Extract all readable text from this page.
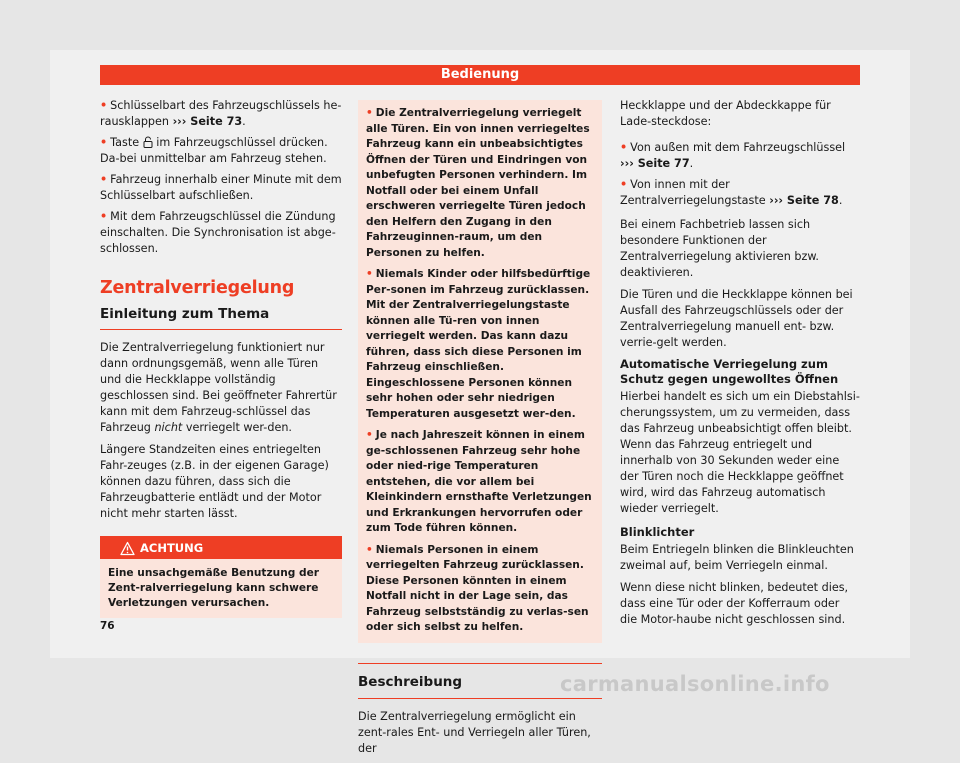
Bedienung
• Schlüsselbart des Fahrzeugschlüssels he-rausklappen ››› Seite 73.
• Taste im Fahrzeugschlüssel drücken. Da-bei unmittelbar am Fahrzeug stehen.
• Fahrzeug innerhalb einer Minute mit dem Schlüsselbart aufschließen.
• Mit dem Fahrzeugschlüssel die Zündung einschalten. Die Synchronisation ist abge-schlossen.
Zentralverriegelung
Einleitung zum Thema

Die Zentralverriegelung funktioniert nur dann ordnungsgemäß, wenn alle Türen und die Heckklappe vollständig geschlossen sind. Bei geöffneter Fahrertür kann mit dem Fahrzeug-schlüssel das Fahrzeug nicht verriegelt wer-den.

Längere Standzeiten eines entriegelten Fahr-zeuges (z.B. in der eigenen Garage) können dazu führen, dass sich die Fahrzeugbatterie entlädt und der Motor nicht mehr starten lässt.

ACHTUNG
Eine unsachgemäße Benutzung der Zent-ralverriegelung kann schwere Verletzungen verursachen.
• Die Zentralverriegelung verriegelt alle Türen. Ein von innen verriegeltes Fahrzeug kann ein unbeabsichtigtes Öffnen der Türen und Eindringen von unbefugten Personen verhindern. Im Notfall oder bei einem Unfall erschweren verriegelte Türen jedoch den Helfern den Zugang in den Fahrzeuginnen-raum, um den Personen zu helfen.
• Niemals Kinder oder hilfsbedürftige Per-sonen im Fahrzeug zurücklassen. Mit der Zentralverriegelungstaste können alle Tü-ren von innen verriegelt werden. Das kann dazu führen, dass sich diese Personen im Fahrzeug einschließen. Eingeschlossene Personen können sehr hohen oder sehr niedrigen Temperaturen ausgesetzt wer-den.
• Je nach Jahreszeit können in einem ge-schlossenen Fahrzeug sehr hohe oder nied-rige Temperaturen entstehen, die vor allem bei Kleinkindern ernsthafte Verletzungen und Erkrankungen hervorrufen oder zum Tode führen können.
• Niemals Personen in einem verriegelten Fahrzeug zurücklassen. Diese Personen könnten in einem Notfall nicht in der Lage sein, das Fahrzeug selbstständig zu verlas-sen oder sich selbst zu helfen.
Beschreibung

Die Zentralverriegelung ermöglicht ein zent-rales Ent- und Verriegeln aller Türen, der

Heckklappe und der Abdeckkappe für Lade-steckdose:

• Von außen mit dem Fahrzeugschlüssel ››› Seite 77.
• Von innen mit der Zentralverriegelungstaste ››› Seite 78.

Bei einem Fachbetrieb lassen sich besondere Funktionen der Zentralverriegelung aktivieren bzw. deaktivieren.

Die Türen und die Heckklappe können bei Ausfall des Fahrzeugschlüssels oder der Zentralverriegelung manuell ent- bzw. verrie-gelt werden.

Automatische Verriegelung zum Schutz gegen ungewolltes Öffnen

Hierbei handelt es sich um ein Diebstahlsi-cherungssystem, um zu vermeiden, dass das Fahrzeug unbeabsichtigt offen bleibt. Wenn das Fahrzeug entriegelt und innerhalb von 30 Sekunden weder eine der Türen noch die Heckklappe geöffnet wird, wird das Fahrzeug automatisch wieder verriegelt.

Blinklichter

Beim Entriegeln blinken die Blinkleuchten zweimal auf, beim Verriegeln einmal.

Wenn diese nicht blinken, bedeutet dies, dass eine Tür oder der Kofferraum oder die Motor-haube nicht geschlossen sind.

76
carmanualsonline.info
